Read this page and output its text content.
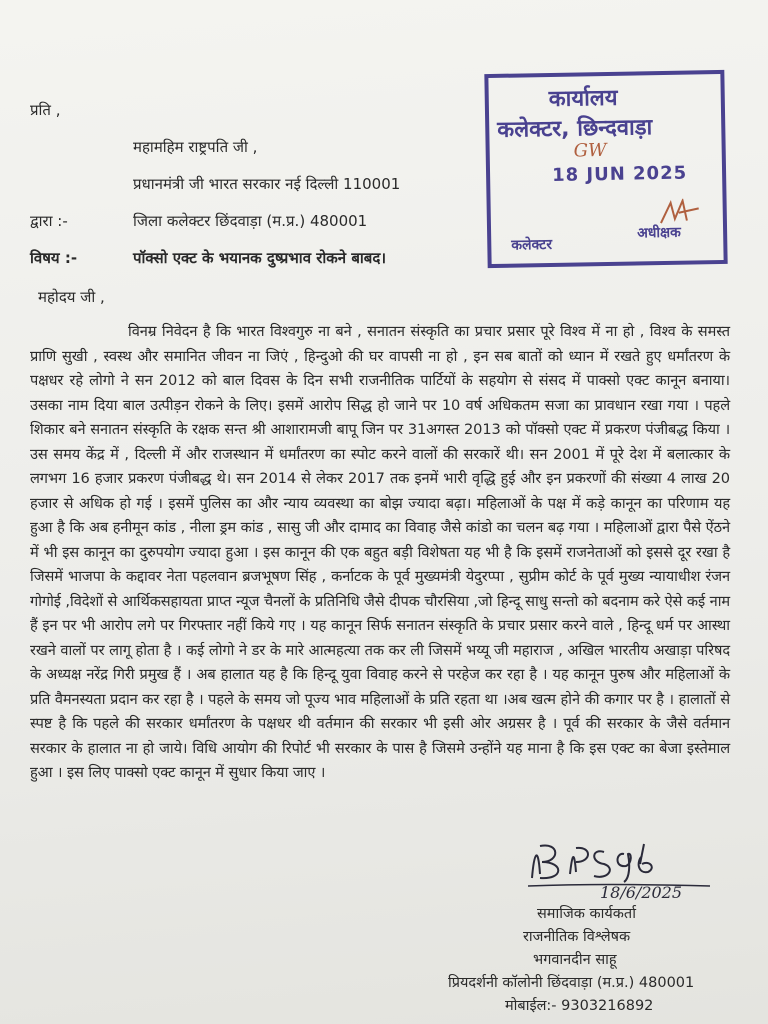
प्रति ,
महामहिम राष्ट्रपति जी ,
प्रधानमंत्री जी भारत सरकार नई दिल्ली 110001
द्वारा :-	जिला कलेक्टर छिंदवाड़ा (म.प्र.) 480001
विषय :-	पॉक्सो एक्ट के भयानक दुष्प्रभाव रोकने बाबद।
महोदय जी ,
विनम्र निवेदन है कि भारत विश्वगुरु ना बने , सनातन संस्कृति का प्रचार प्रसार पूरे विश्व में ना हो , विश्व के समस्त प्राणि सुखी , स्वस्थ और समानित जीवन ना जिएं , हिन्दुओ की घर वापसी ना हो , इन सब बातों को ध्यान में रखते हुए धर्मांतरण के पक्षधर रहे लोगो ने सन 2012 को बाल दिवस के दिन सभी राजनीतिक पार्टियों के सहयोग से संसद में पाक्सो एक्ट कानून बनाया। उसका नाम दिया बाल उत्पीड़न रोकने के लिए। इसमें आरोप सिद्ध हो जाने पर 10 वर्ष अधिकतम सजा का प्रावधान रखा गया । पहले शिकार बने सनातन संस्कृति के रक्षक सन्त श्री आशारामजी बापू जिन पर 31अगस्त 2013 को पॉक्सो एक्ट में प्रकरण पंजीबद्ध किया ।उस समय केंद्र में , दिल्ली में और राजस्थान में धर्मांतरण का स्पोट करने वालों की सरकारें थी। सन 2001 में पूरे देश में बलात्कार के लगभग 16 हजार प्रकरण पंजीबद्ध थे। सन 2014 से लेकर 2017 तक इनमें भारी वृद्धि हुई और इन प्रकरणों की संख्या 4 लाख 20 हजार से अधिक हो गई । इसमें पुलिस का और न्याय व्यवस्था का बोझ ज्यादा बढ़ा। महिलाओं के पक्ष में कड़े कानून का परिणाम यह हुआ है कि अब हनीमून कांड , नीला ड्रम कांड , सासु जी और दामाद का विवाह जैसे कांडो का चलन बढ़ गया । महिलाओं द्वारा पैसे ऐंठने में भी इस कानून का दुरुपयोग ज्यादा हुआ । इस कानून की एक बहुत बड़ी विशेषता यह भी है कि इसमें राजनेताओं को इससे दूर रखा है जिसमें भाजपा के कद्दावर नेता पहलवान ब्रजभूषण सिंह , कर्नाटक के पूर्व मुख्यमंत्री येदुरप्पा , सुप्रीम कोर्ट के पूर्व मुख्य न्यायाधीश रंजन गोगोई ,विदेशों से आर्थिकसहायता प्राप्त न्यूज चैनलों के प्रतिनिधि जैसे दीपक चौरसिया ,जो हिन्दू साधु सन्तो को बदनाम करे ऐसे कई नाम हैं इन पर भी आरोप लगे पर गिरफ्तार नहीं किये गए । यह कानून सिर्फ सनातन संस्कृति के प्रचार प्रसार करने वाले , हिन्दू धर्म पर आस्था रखने वालों पर लागू होता है । कई लोगो ने डर के मारे आत्महत्या तक कर ली जिसमें भय्यू जी महाराज , अखिल भारतीय अखाड़ा परिषद के अध्यक्ष नरेंद्र गिरी प्रमुख हैं । अब हालात यह है कि हिन्दू युवा विवाह करने से परहेज कर रहा है । यह कानून पुरुष और महिलाओं के प्रति वैमनस्यता प्रदान कर रहा है । पहले के समय जो पूज्य भाव महिलाओं के प्रति रहता था ।अब खत्म होने की कगार पर है । हालातों से स्पष्ट है कि पहले की सरकार धर्मांतरण के पक्षधर थी वर्तमान की सरकार भी इसी ओर अग्रसर है । पूर्व की सरकार के जैसे वर्तमान सरकार के हालात ना हो जाये। विधि आयोग की रिपोर्ट भी सरकार के पास है जिसमे उन्होंने यह माना है कि इस एक्ट का बेजा इस्तेमाल हुआ । इस लिए पाक्सो एक्ट कानून में सुधार किया जाए ।
कार्यालय
कलेक्टर, छिन्दवाड़ा
GW
18 JUN 2025
कलेक्टर
अधीक्षक
18/6/2025
समाजिक कार्यकर्ता
राजनीतिक विश्लेषक
भगवानदीन साहू
प्रियदर्शनी कॉलोनी छिंदवाड़ा (म.प्र.) 480001
मोबाईल:- 9303216892
